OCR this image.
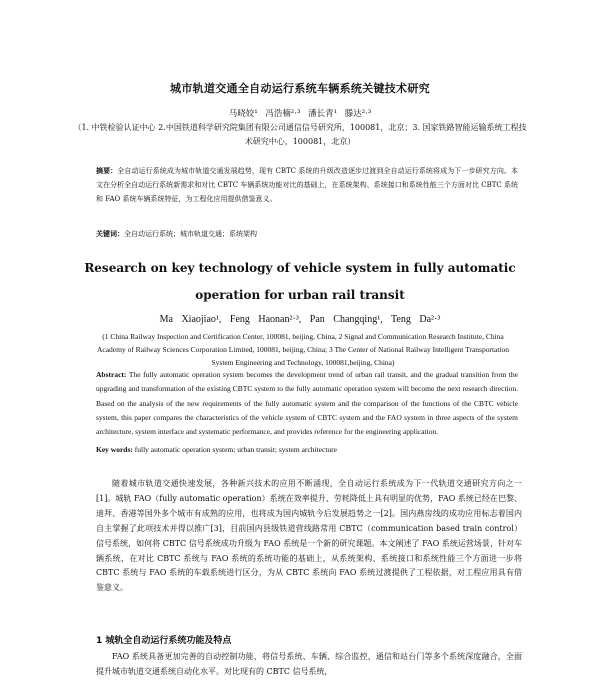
城市轨道交通全自动运行系统车辆系统关键技术研究
马晓姣¹ 冯浩楠²·³ 潘长青¹ 滕达²·³
（1. 中铁检验认证中心 2.中国铁道科学研究院集团有限公司通信信号研究所，100081，北京；3. 国家铁路智能运输系统工程技术研究中心，100081，北京）
摘要：全自动运行系统成为城市轨道交通发展趋势，现有 CBTC 系统的升级改造逐步过渡到全自动运行系统将成为下一步研究方向。本文在分析全自动运行系统新需求和对比 CBTC 车辆系统功能对比的基础上，在系统架构、系统接口和系统性能三个方面对比 CBTC 系统和 FAO 系统车辆系统特征，为工程化应用提供借鉴意义。
关键词：全自动运行系统；城市轨道交通；系统架构
Research on key technology of vehicle system in fully automatic
operation for urban rail transit
Ma Xiaojiao¹, Feng Haonan²·³, Pan Changqing¹, Teng Da²·³
(1 China Railway Inspection and Certification Center, 100081, beijing, China, 2 Signal and Communication Research Institute, China Academy of Railway Sciences Corporation Limited, 100081, beijing, China; 3 The Center of National Railway Intelligent Transportation System Engineering and Technology, 100081,beijing, China)
Abstract: The fully automatic operation system becomes the development trend of urban rail transit, and the gradual transition from the upgrading and transformation of the existing CBTC system to the fully automatic operation system will become the next research direction. Based on the analysis of the new requirements of the fully automatic system and the comparison of the functions of the CBTC vehicle system, this paper compares the characteristics of the vehicle system of CBTC system and the FAO system in three aspects of the system architecture, system interface and systematic performance, and provides reference for the engineering application.
Key words: fully automatic operation system; urban transit; system architecture
随着城市轨道交通快速发展，各种新兴技术的应用不断涌现，全自动运行系统成为下一代轨道交通研究方向之一[1]。城轨 FAO（fully automatic operation）系统在效率提升、劳耗降低上具有明显的优势，FAO 系统已经在巴黎、迪拜、香港等国外多个城市有成熟的应用，也将成为国内城轨今后发展趋势之一[2]。国内燕房线的成功应用标志着国内自主掌握了此项技术并得以推广[3]，目前国内县级铁道营线路常用 CBTC（communication based train control）信号系统，如何将 CBTC 信号系统成功升级为 FAO 系统是一个新的研究课题。本文阐述了 FAO 系统运营场景，针对车辆系统，在对比 CBTC 系统与 FAO 系统的系统功能的基础上，从系统架构、系统接口和系统性能三个方面进一步将 CBTC 系统与 FAO 系统的车载系统进行区分，为从 CBTC 系统向 FAO 系统过渡提供了工程依据，对工程应用具有借鉴意义。
1 城轨全自动运行系统功能及特点
FAO 系统具备更加完善的自动控制功能，将信号系统、车辆、综合监控、通信和站台门等多个系统深度融合，全面提升城市轨道交通系统自动化水平。对比现有的 CBTC 信号系统，
